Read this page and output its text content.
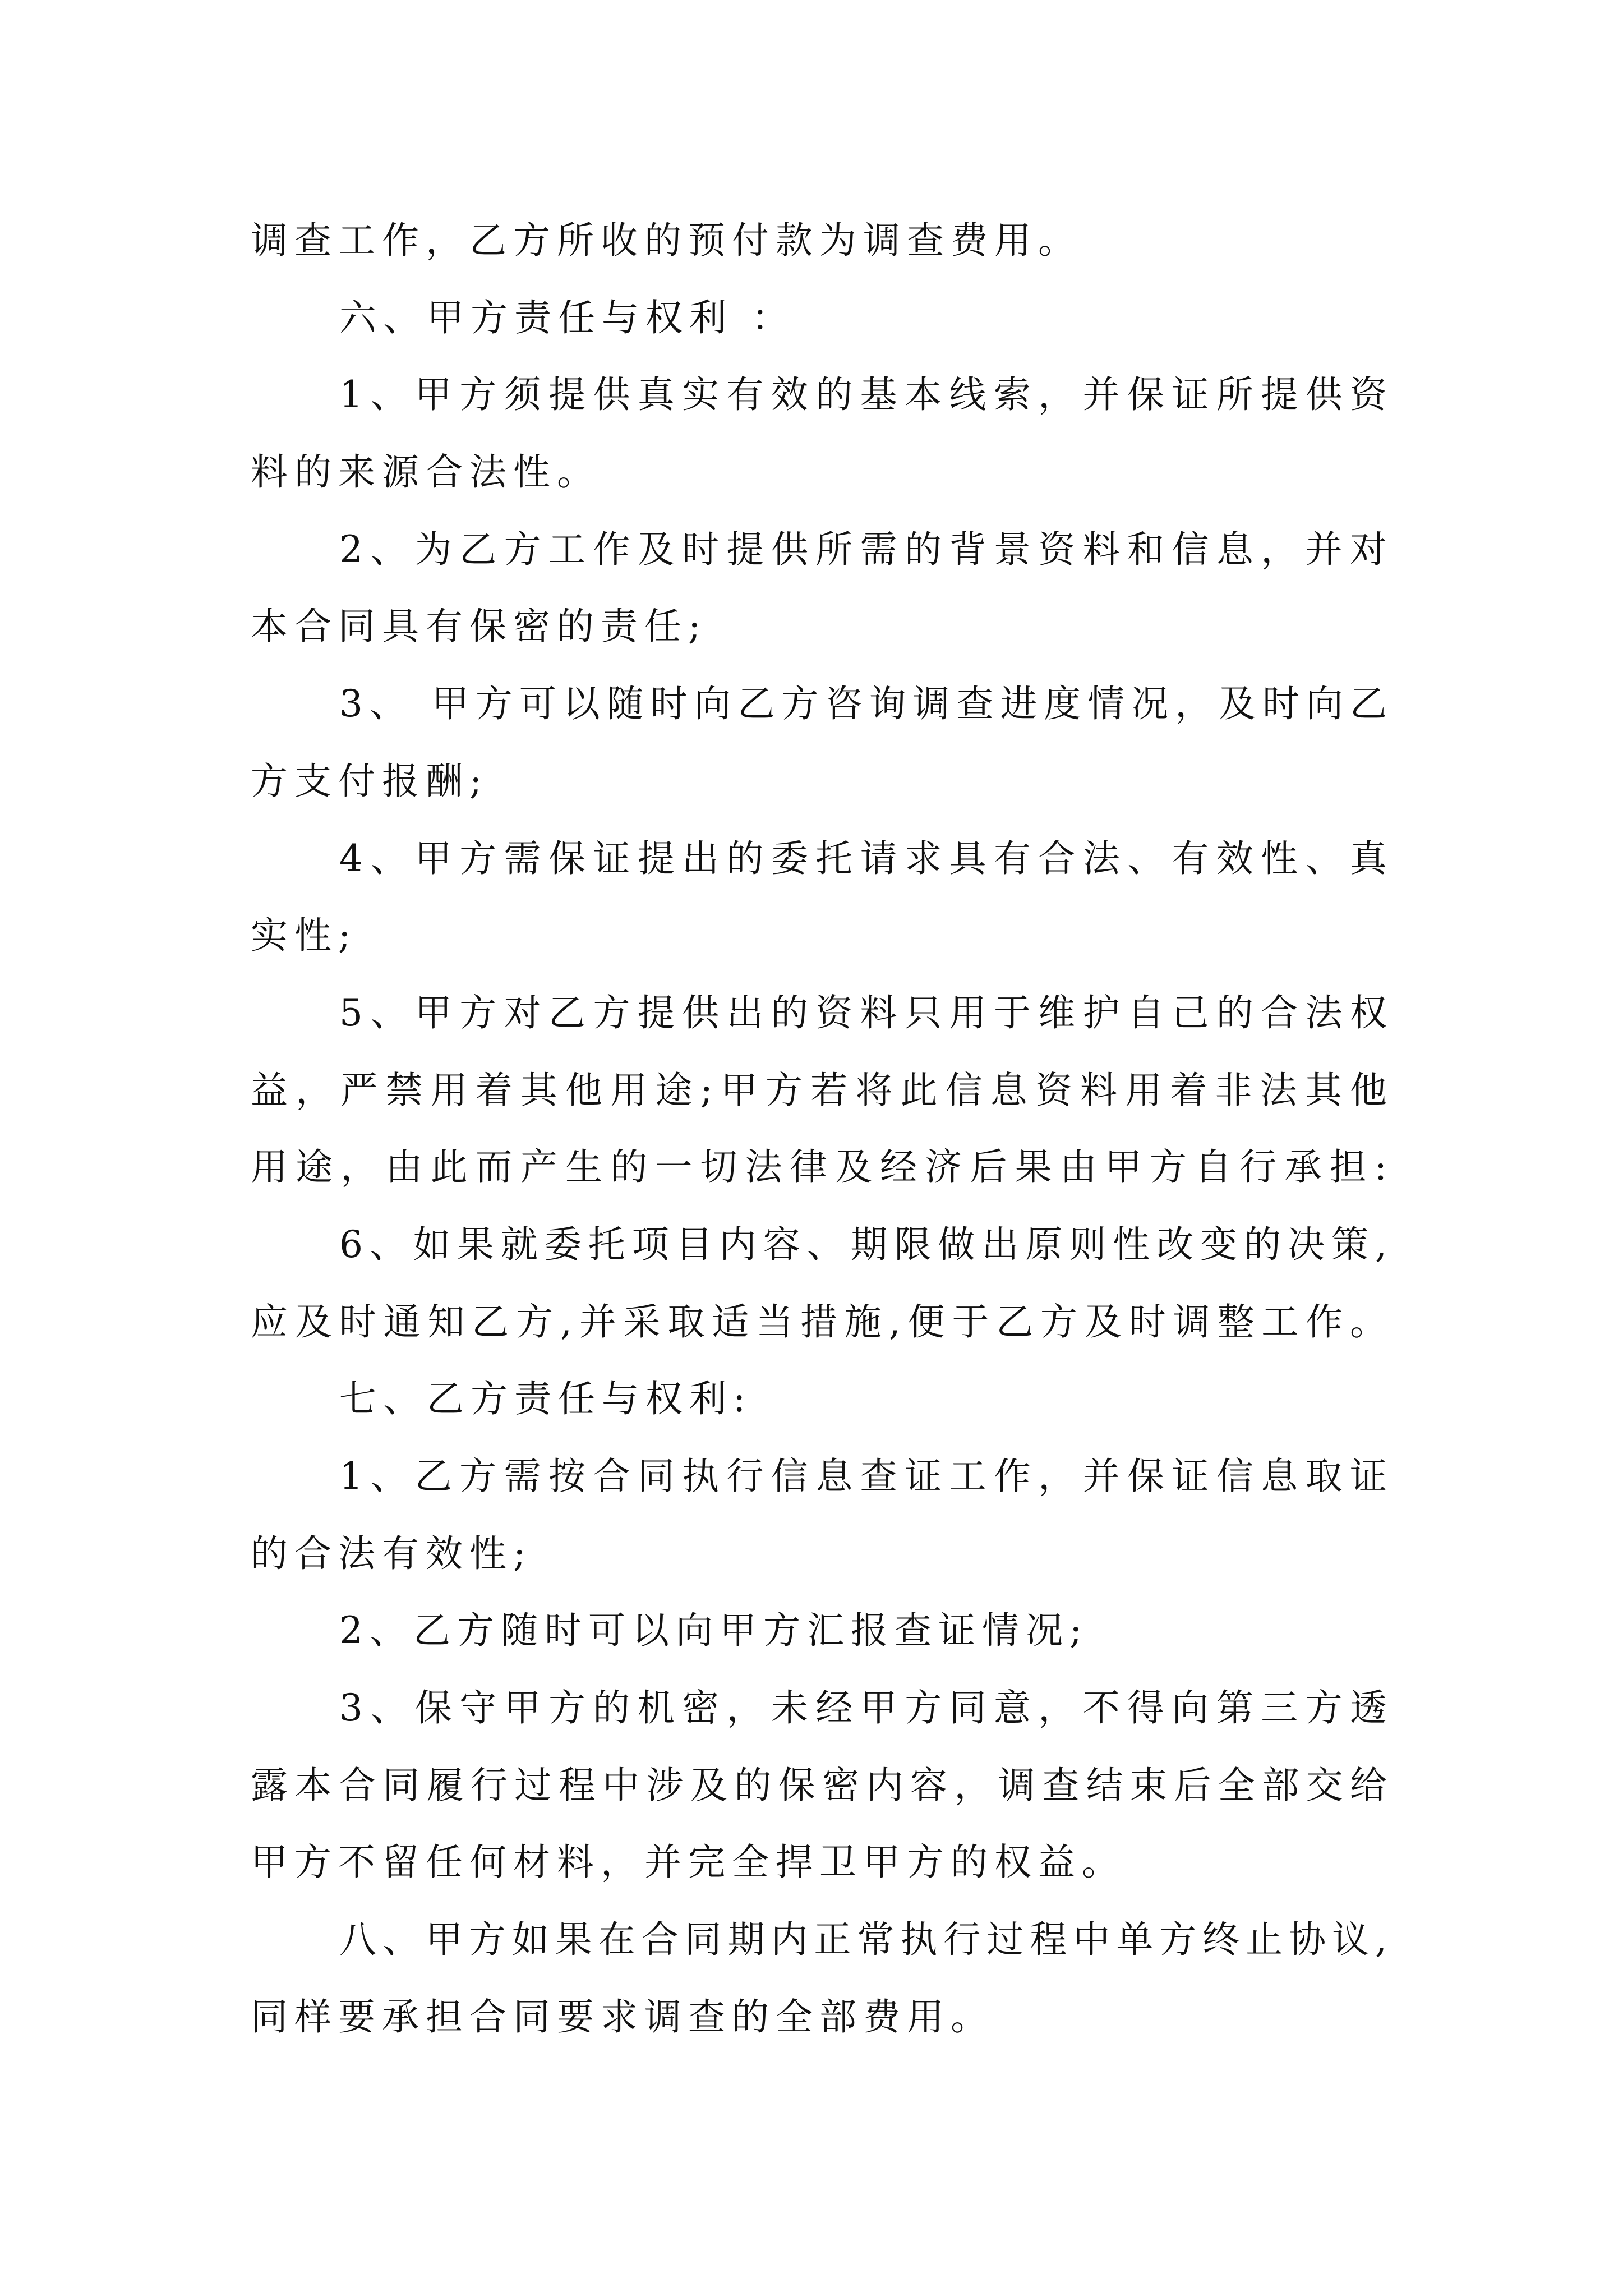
调查工作，乙方所收的预付款为调查费用。
六、甲方责任与权利 ：
1、甲方须提供真实有效的基本线索，并保证所提供资
料的来源合法性。
2、为乙方工作及时提供所需的背景资料和信息，并对
本合同具有保密的责任;
3、 甲方可以随时向乙方咨询调查进度情况，及时向乙
方支付报酬;
4、甲方需保证提出的委托请求具有合法、有效性、真
实性;
5、甲方对乙方提供出的资料只用于维护自己的合法权
益，严禁用着其他用途;甲方若将此信息资料用着非法其他
用途，由此而产生的一切法律及经济后果由甲方自行承担:
6、如果就委托项目内容、期限做出原则性改变的决策,
应及时通知乙方,并采取适当措施,便于乙方及时调整工作。
七、乙方责任与权利:
1、乙方需按合同执行信息查证工作，并保证信息取证
的合法有效性;
2、乙方随时可以向甲方汇报查证情况;
3、保守甲方的机密，未经甲方同意，不得向第三方透
露本合同履行过程中涉及的保密内容，调查结束后全部交给
甲方不留任何材料，并完全捍卫甲方的权益。
八、甲方如果在合同期内正常执行过程中单方终止协议,
同样要承担合同要求调查的全部费用。
